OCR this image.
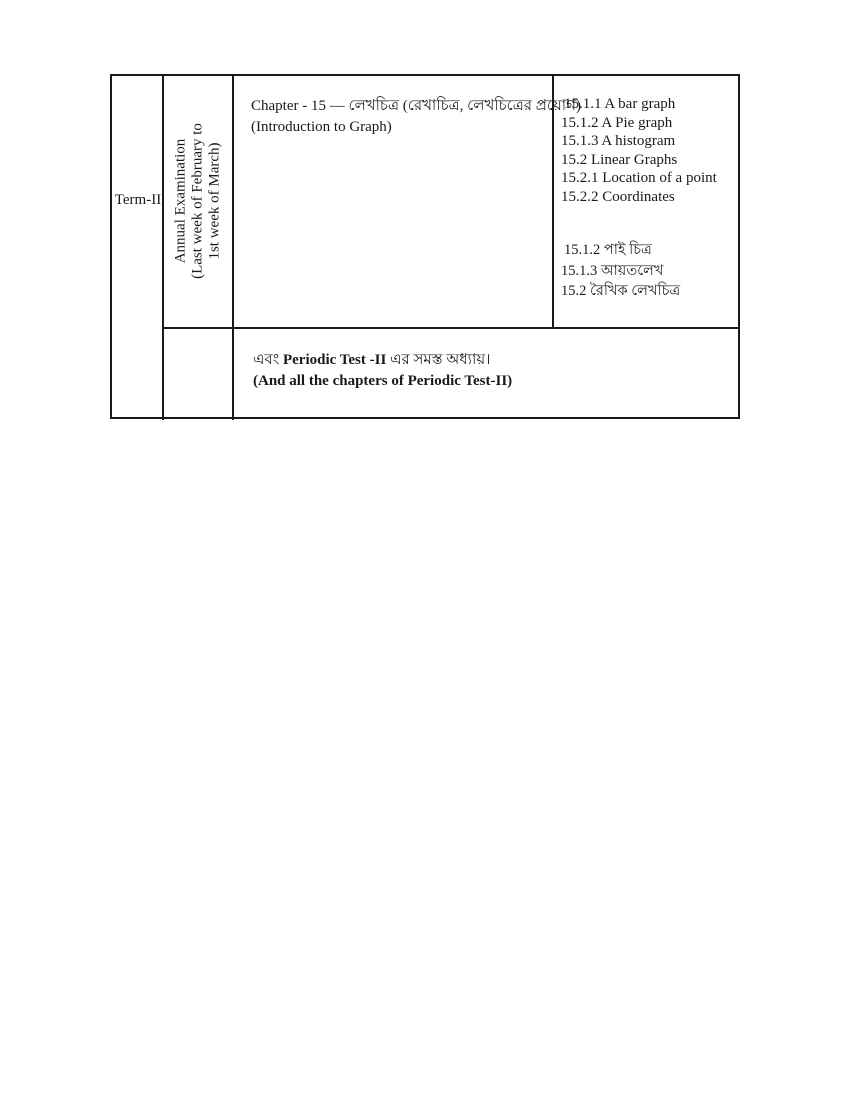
Term-II Annual Examination (Last week of February to 1st week of March)
Chapter - 15 — লেখচিত্র (রেখাচিত্র, লেখচিত্রের প্রয়োগ)
(Introduction to Graph)
15.1.1 A bar graph
15.1.2 A Pie graph
15.1.3 A histogram
15.2 Linear Graphs
15.2.1 Location of a point
15.2.2 Coordinates
15.1.2 পাই চিত্র
15.1.3 আয়তলেখ
15.2 রৈখিক লেখচিত্র
এবং Periodic Test -II এর সমস্ত অধ্যায়।
(And all the chapters of Periodic Test-II)
